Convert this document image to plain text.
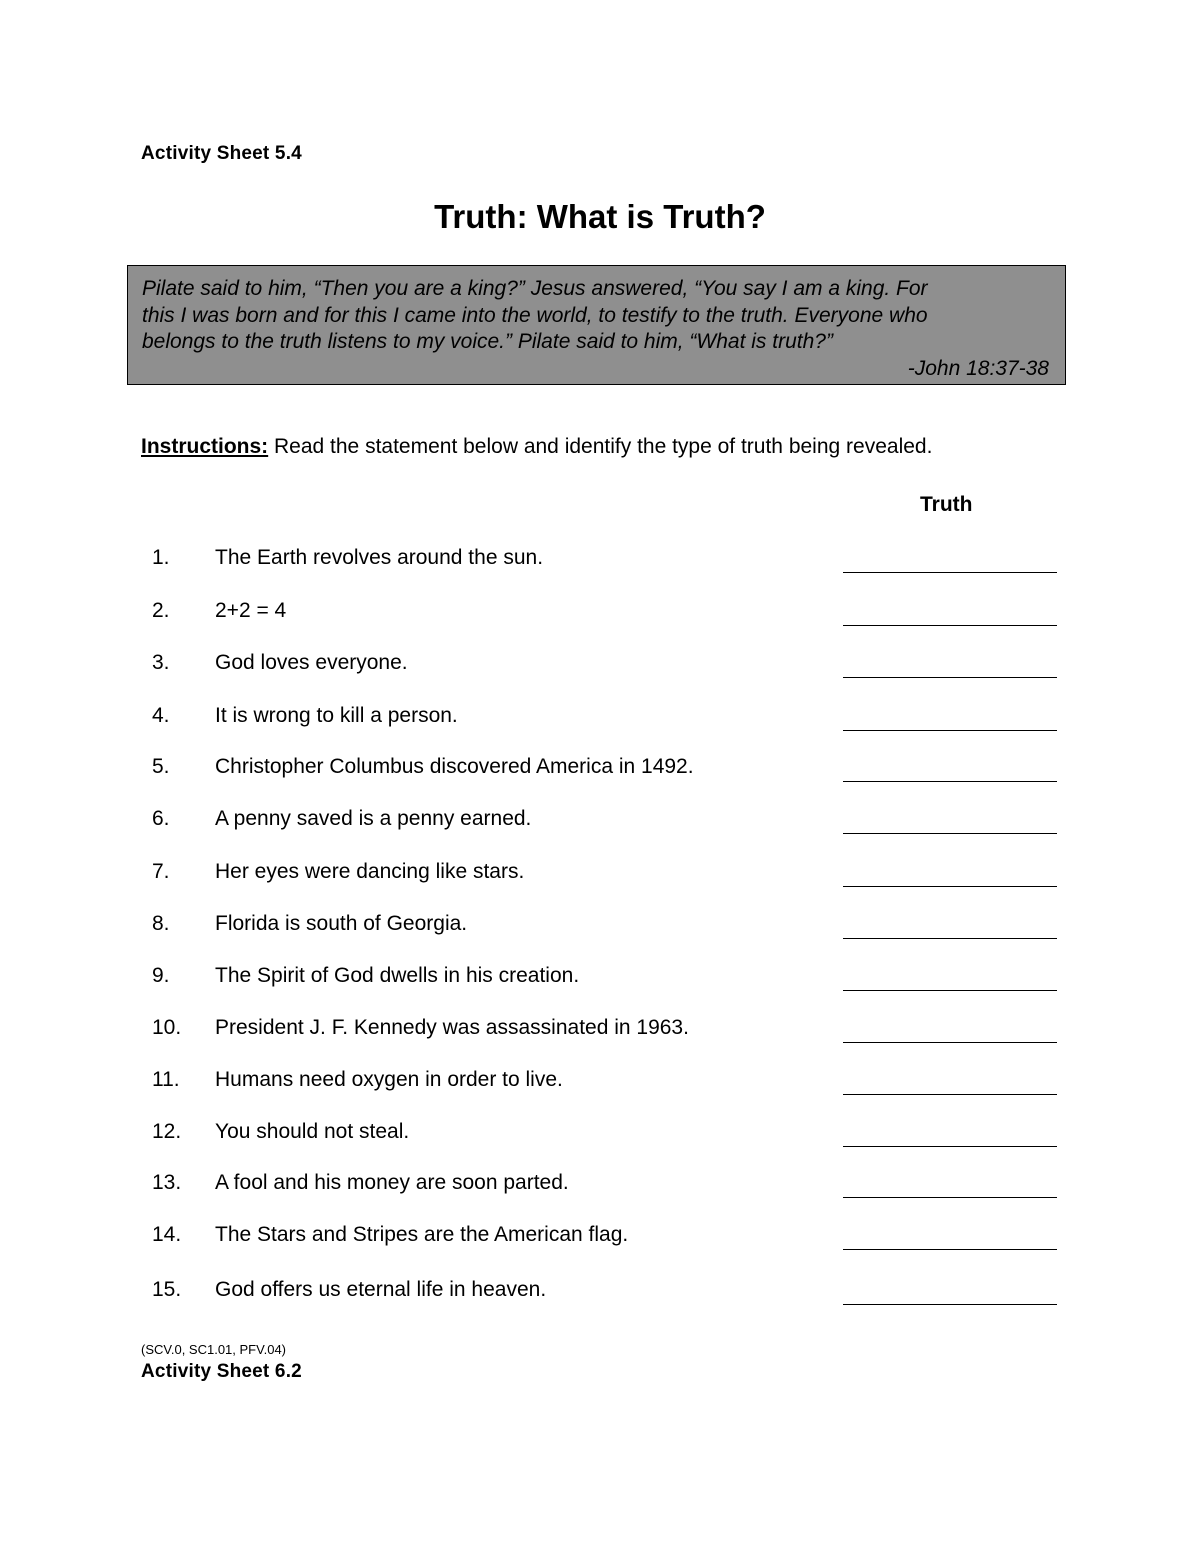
Activity Sheet 5.4
Truth: What is Truth?
Pilate said to him, “Then you are a king?” Jesus answered, “You say I am a king. For
this I was born and for this I came into the world, to testify to the truth. Everyone who
belongs to the truth listens to my voice.” Pilate said to him, “What is truth?”
-John 18:37-38
Instructions: Read the statement below and identify the type of truth being revealed.
Truth
1. The Earth revolves around the sun.
2. 2+2 = 4
3. God loves everyone.
4. It is wrong to kill a person.
5. Christopher Columbus discovered America in 1492.
6. A penny saved is a penny earned.
7. Her eyes were dancing like stars.
8. Florida is south of Georgia.
9. The Spirit of God dwells in his creation.
10. President J. F. Kennedy was assassinated in 1963.
11. Humans need oxygen in order to live.
12. You should not steal.
13. A fool and his money are soon parted.
14. The Stars and Stripes are the American flag.
15. God offers us eternal life in heaven.
(SCV.0, SC1.01, PFV.04)
Activity Sheet 6.2
